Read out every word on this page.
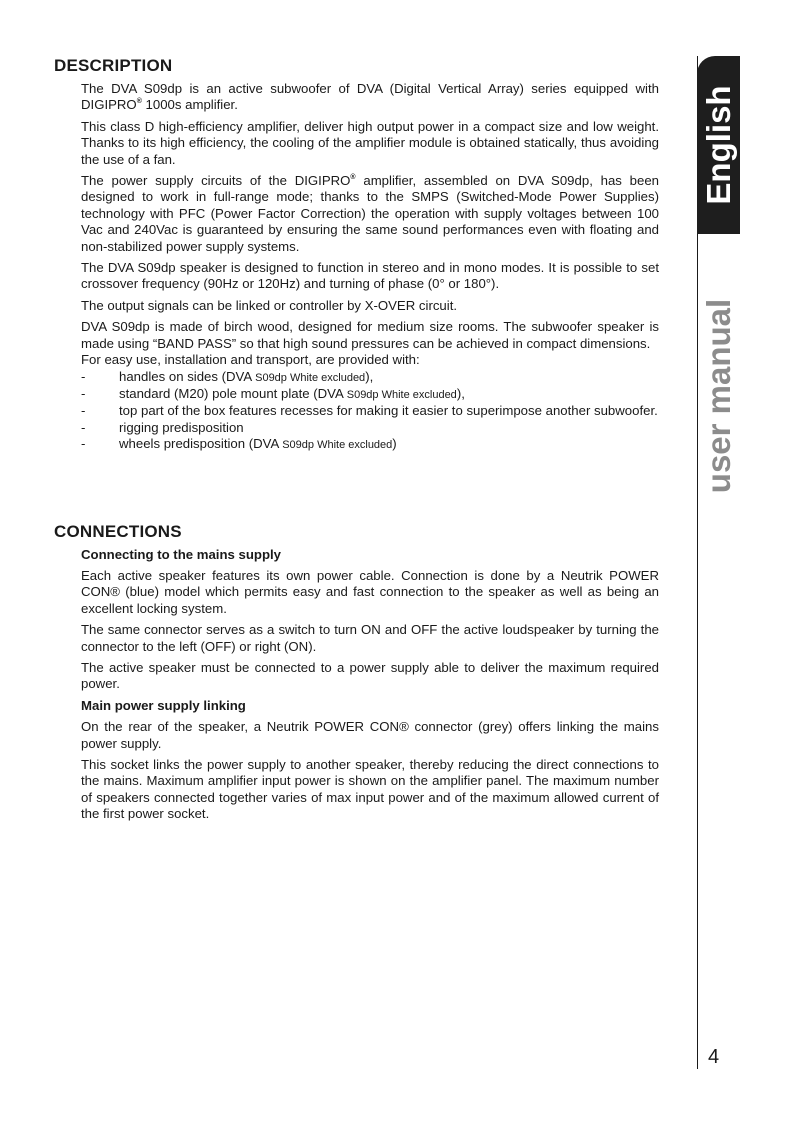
DESCRIPTION

The DVA S09dp is an active subwoofer of DVA (Digital Vertical Array) series equipped with DIGIPRO® 1000s amplifier.

This class D high-efficiency amplifier, deliver high output power in a compact size and low weight. Thanks to its high efficiency, the cooling of the amplifier module is obtained statically, thus avoiding the use of a fan.

The power supply circuits of the DIGIPRO® amplifier, assembled on DVA S09dp, has been designed to work in full-range mode; thanks to the SMPS (Switched-Mode Power Supplies) technology with PFC (Power Factor Correction) the operation with supply voltages between 100 Vac and 240Vac is guaranteed by ensuring the same sound performances even with floating and non-stabilized power supply systems.

The DVA S09dp speaker is designed to function in stereo and in mono modes. It is possible to set crossover frequency (90Hz or 120Hz) and turning of phase (0° or 180°).

The output signals can be linked or controller by X-OVER circuit.

DVA S09dp is made of birch wood, designed for medium size rooms. The subwoofer speaker is made using “BAND PASS” so that high sound pressures can be achieved in compact dimensions.

For easy use, installation and transport, are provided with:

- handles on sides (DVA S09dp White excluded),
- standard (M20) pole mount plate (DVA S09dp White excluded),
- top part of the box features recesses for making it easier to superimpose another subwoofer.
- rigging predisposition
- wheels predisposition (DVA S09dp White excluded)
CONNECTIONS
Connecting to the mains supply

Each active speaker features its own power cable. Connection is done by a Neutrik POWER CON® (blue) model which permits easy and fast connection to the speaker as well as being an excellent locking system.

The same connector serves as a switch to turn ON and OFF the active loudspeaker by turning the connector to the left (OFF) or right (ON).

The active speaker must be connected to a power supply able to deliver the maximum required power.

Main power supply linking

On the rear of the speaker, a Neutrik POWER CON® connector (grey) offers linking the mains power supply.

This socket links the power supply to another speaker, thereby reducing the direct connections to the mains. Maximum amplifier input power is shown on the amplifier panel. The maximum number of speakers connected together varies of max input power and of the maximum allowed current of the first power socket.

English
user manual
4
